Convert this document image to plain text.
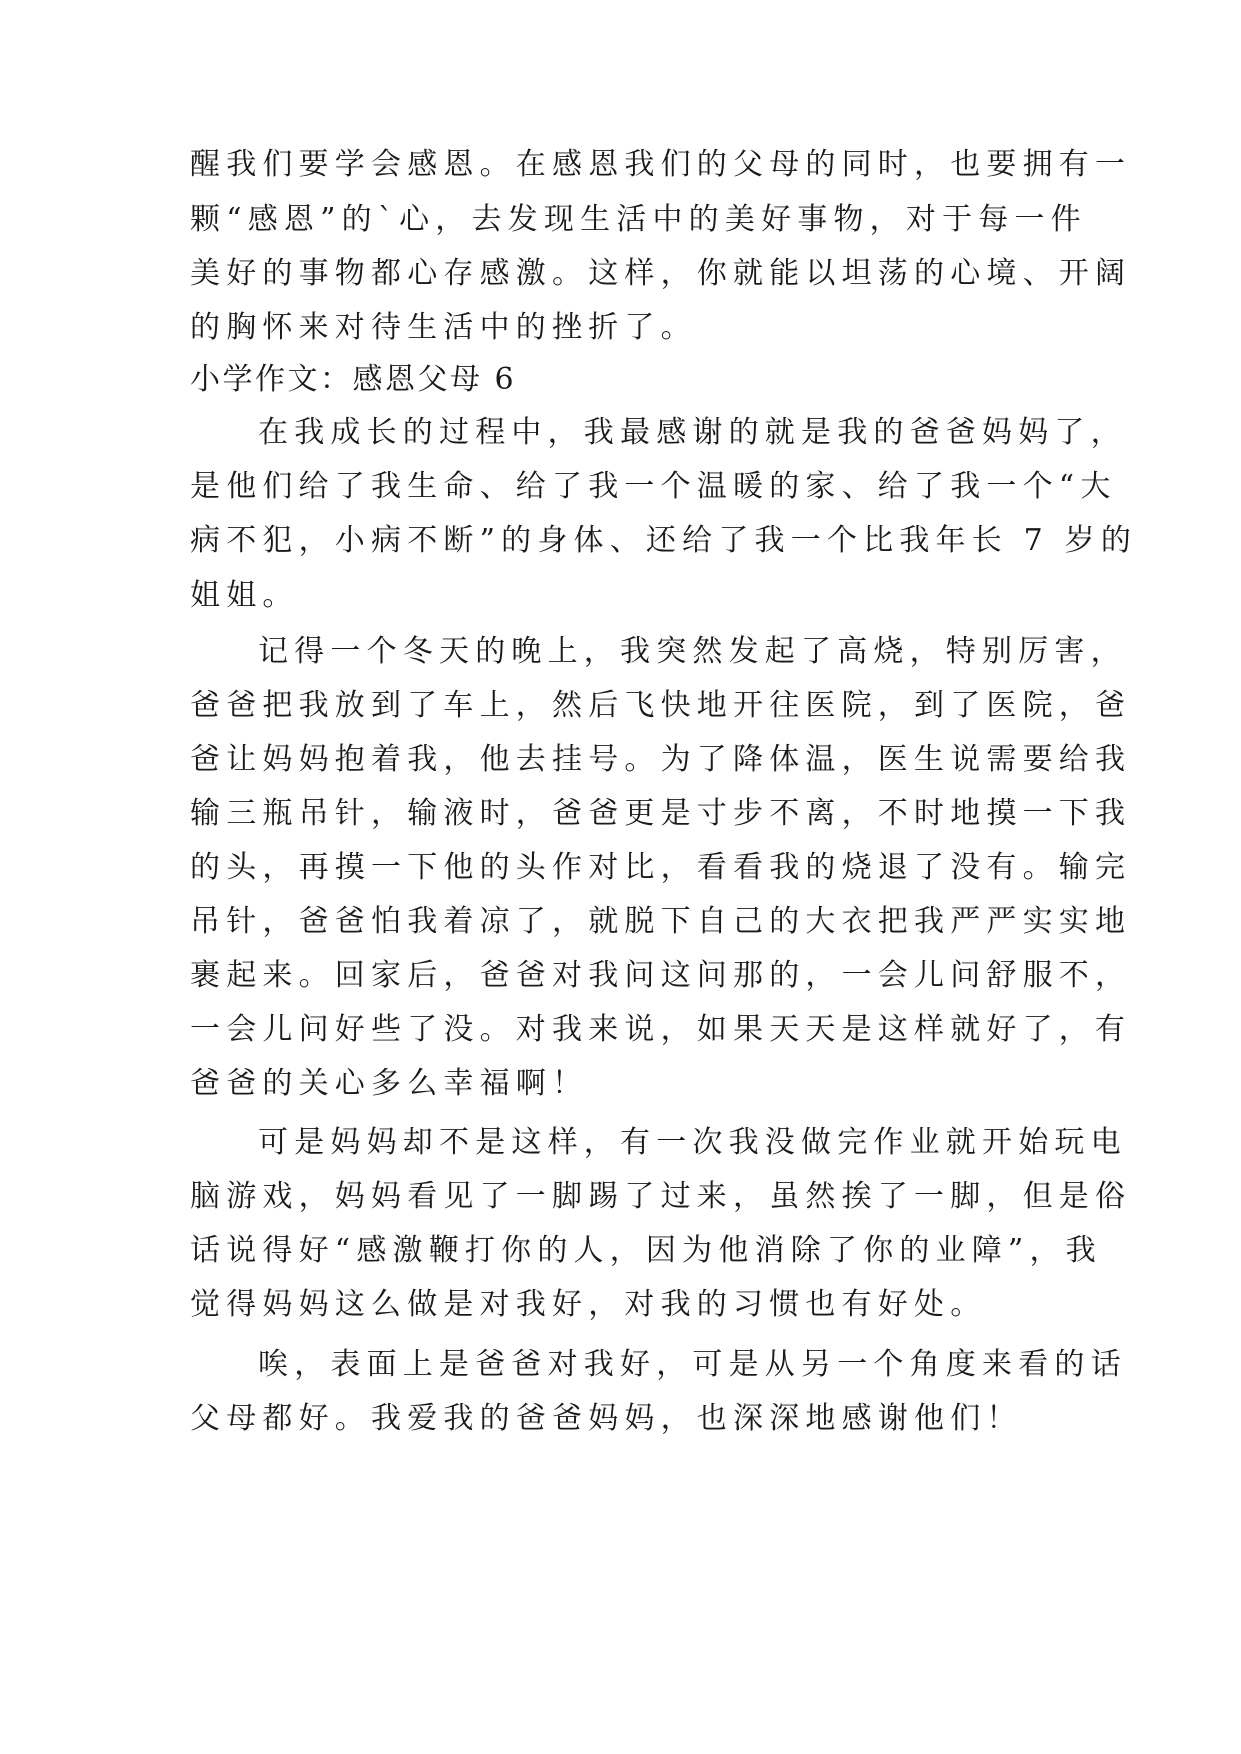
醒我们要学会感恩。在感恩我们的父母的同时，也要拥有一
颗“感恩”的`心，去发现生活中的美好事物，对于每一件
美好的事物都心存感激。这样，你就能以坦荡的心境、开阔
的胸怀来对待生活中的挫折了。
小学作文：感恩父母 6
在我成长的过程中，我最感谢的就是我的爸爸妈妈了，
是他们给了我生命、给了我一个温暖的家、给了我一个“大
病不犯，小病不断”的身体、还给了我一个比我年长 7 岁的
姐姐。
记得一个冬天的晚上，我突然发起了高烧，特别厉害，
爸爸把我放到了车上，然后飞快地开往医院，到了医院，爸
爸让妈妈抱着我，他去挂号。为了降体温，医生说需要给我
输三瓶吊针，输液时，爸爸更是寸步不离，不时地摸一下我
的头，再摸一下他的头作对比，看看我的烧退了没有。输完
吊针，爸爸怕我着凉了，就脱下自己的大衣把我严严实实地
裹起来。回家后，爸爸对我问这问那的，一会儿问舒服不，
一会儿问好些了没。对我来说，如果天天是这样就好了，有
爸爸的关心多么幸福啊！
可是妈妈却不是这样，有一次我没做完作业就开始玩电
脑游戏，妈妈看见了一脚踢了过来，虽然挨了一脚，但是俗
话说得好“感激鞭打你的人，因为他消除了你的业障”，我
觉得妈妈这么做是对我好，对我的习惯也有好处。
唉，表面上是爸爸对我好，可是从另一个角度来看的话
父母都好。我爱我的爸爸妈妈，也深深地感谢他们！
